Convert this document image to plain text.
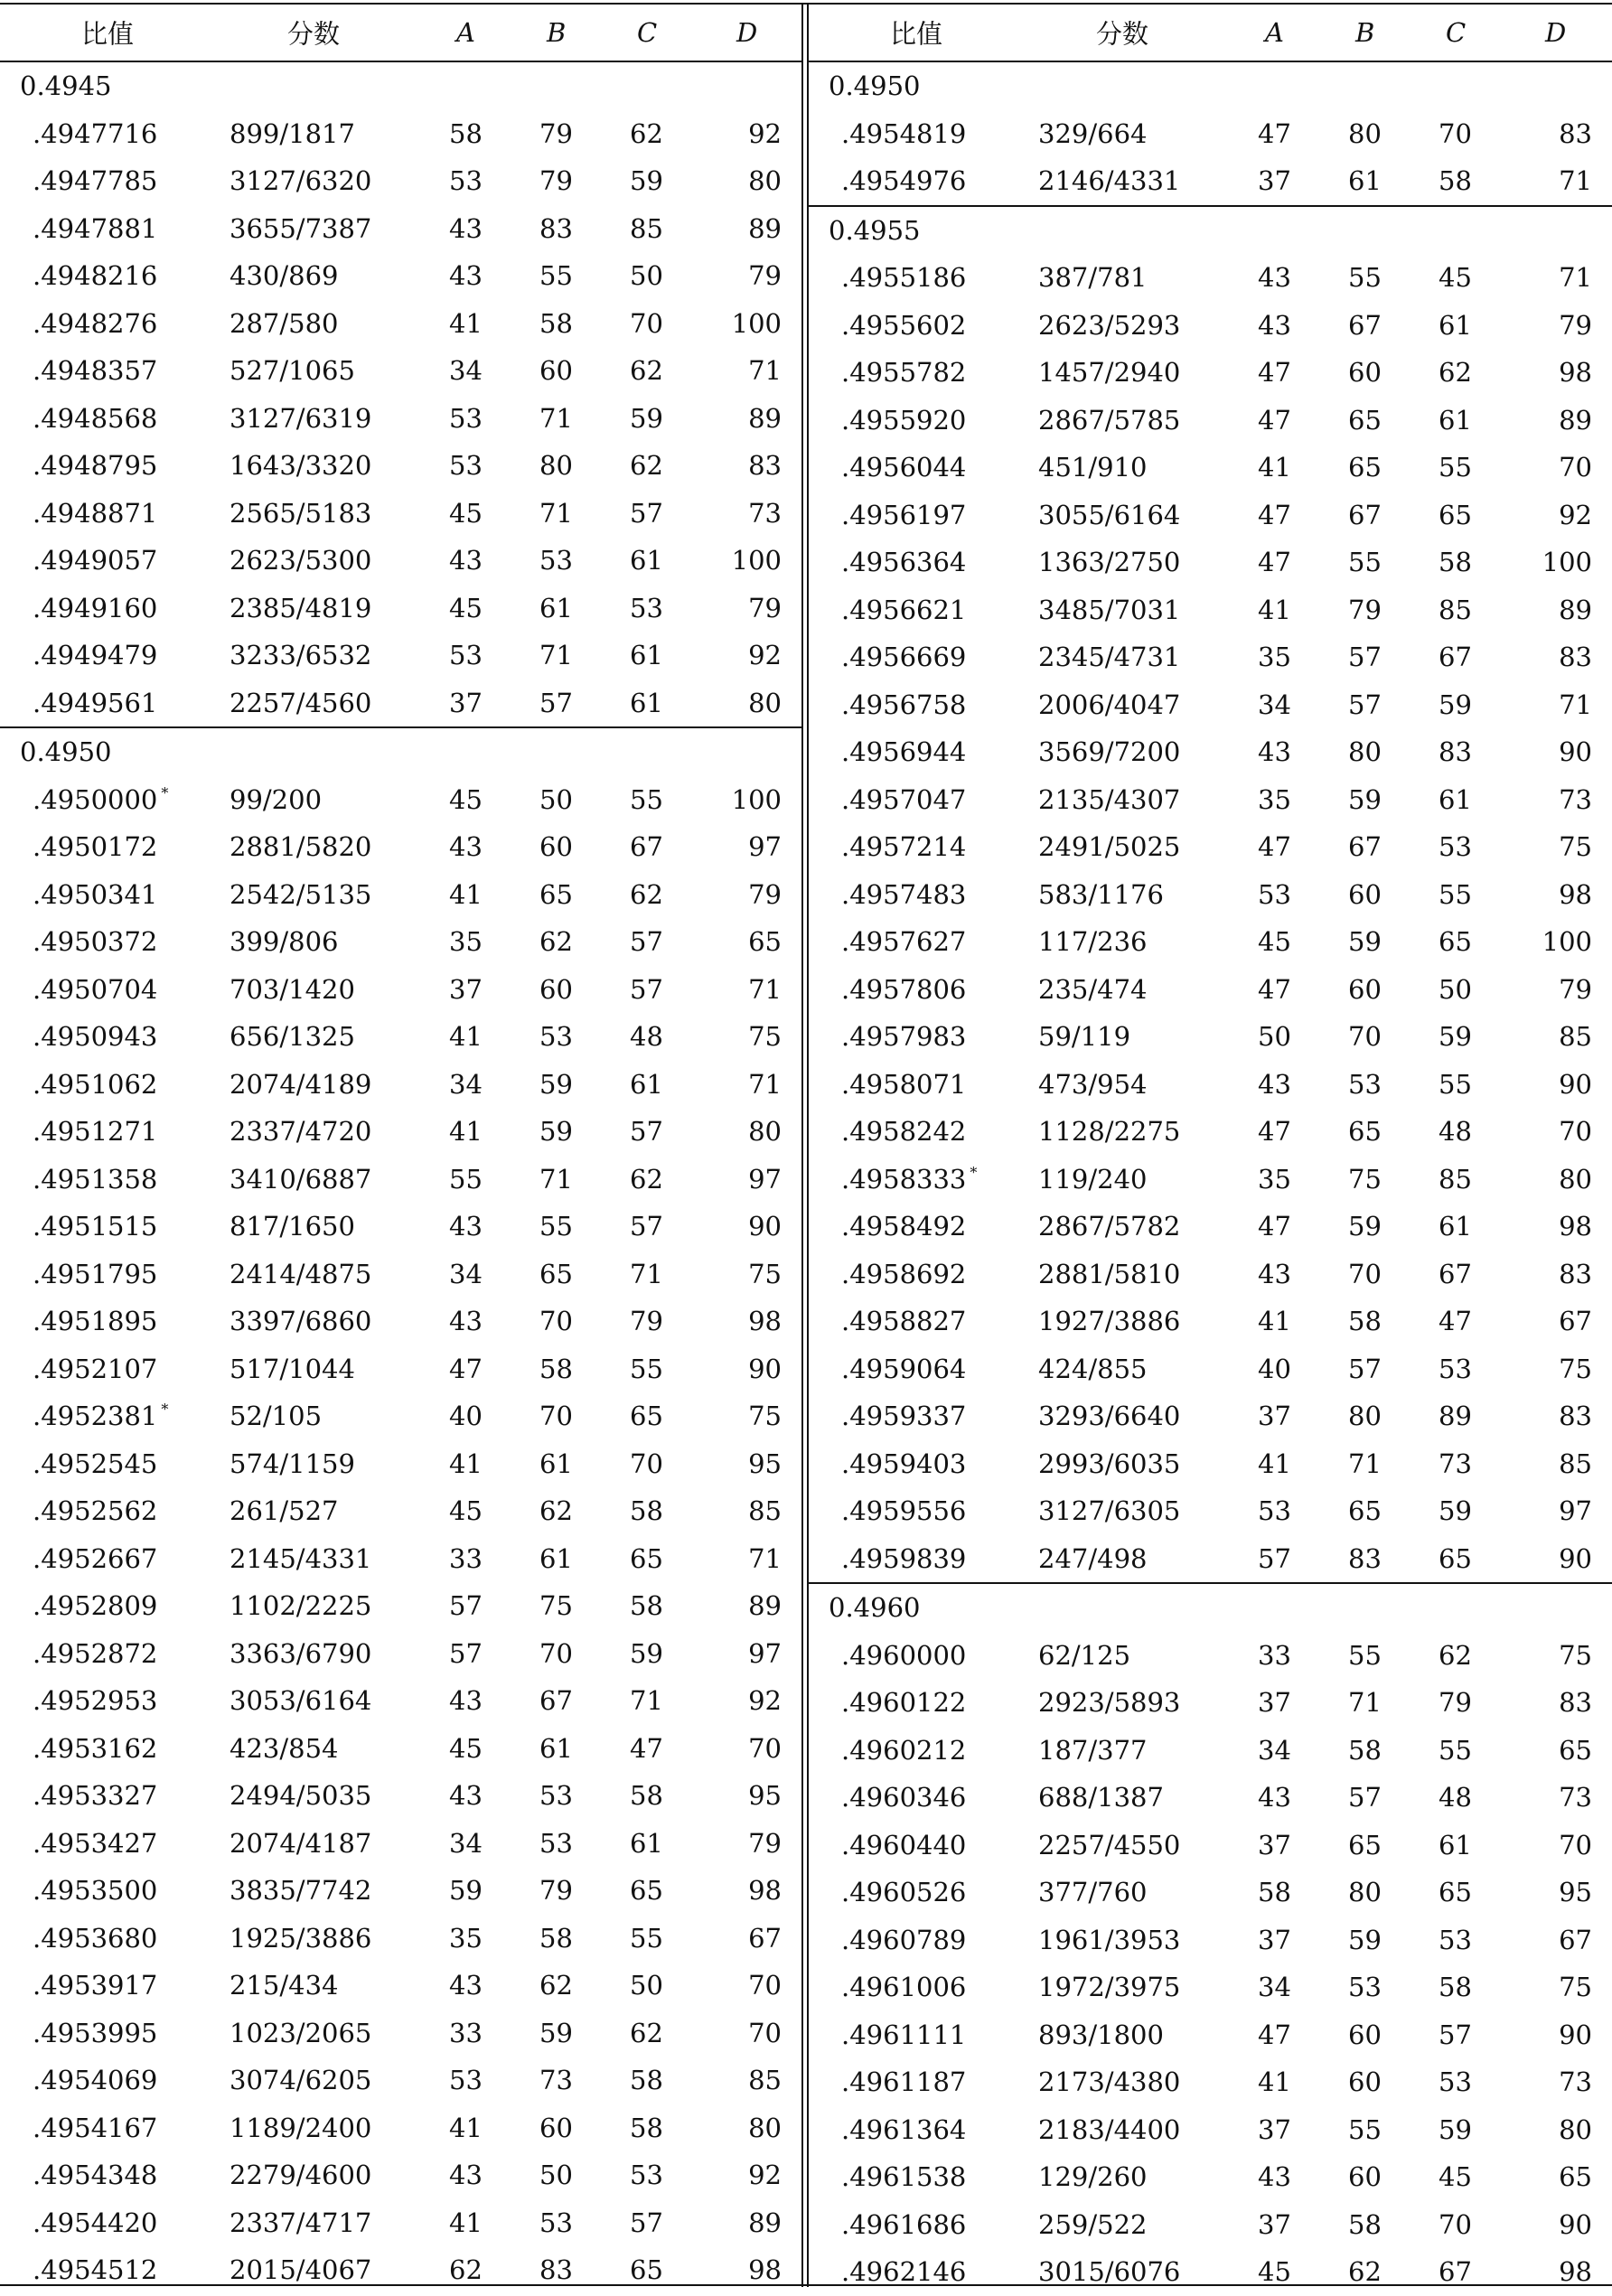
比值	分数	A	B	C	D
0.4945
.4947716	899/1817	58 79 62	92
.4947785	3127/6320	53 79 59	80
.4947881	3655/7387	43 83 85	89
.4948216	430/869	43 55 50	79
.4948276	287/580	41 58 70	100
.4948357	527/1065	34 60 62	71
.4948568	3127/6319	53 71 59	89
.4948795	1643/3320	53 80 62	83
.4948871	2565/5183	45 71 57	73
.4949057	2623/5300	43 53 61	100
.4949160	2385/4819	45 61 53	79
.4949479	3233/6532	53 71 61	92
.4949561	2257/4560	37 57 61	80
0.4950
.4950000 * 99/200	45 50 55	100
.4950172	2881/5820	43 60 67	97
.4950341	2542/5135	41 65 62	79
.4950372	399/806	35 62 57	65
.4950704	703/1420	37 60 57	71
.4950943	656/1325	41 53 48	75
.4951062	2074/4189	34 59 61	71
.4951271	2337/4720	41 59 57	80
.4951358	3410/6887	55 71 62	97
.4951515	817/1650	43 55 57	90
.4951795	2414/4875	34 65 71	75
.4951895	3397/6860	43 70 79	98
.4952107	517/1044	47 58 55	90
.4952381 * 52/105	40 70 65	75
.4952545	574/1159	41 61 70	95
.4952562	261/527	45 62 58	85
.4952667	2145/4331	33 61 65	71
.4952809	1102/2225	57 75 58	89
.4952872	3363/6790	57 70 59	97
.4952953	3053/6164	43 67 71	92
.4953162	423/854	45 61 47	70
.4953327	2494/5035	43 53 58	95
.4953427	2074/4187	34 53 61	79
.4953500	3835/7742	59 79 65	98
.4953680	1925/3886	35 58 55	67
.4953917	215/434	43 62 50	70
.4953995	1023/2065	33 59 62	70
.4954069	3074/6205	53 73 58	85
.4954167	1189/2400	41 60 58	80
.4954348	2279/4600	43 50 53	92
.4954420	2337/4717	41 53 57	89
.4954512	2015/4067	62 83 65	98
比值	分数	A	B	C	D
0.4950
.4954819	329/664	47 80 70	83
.4954976	2146/4331	37 61 58	71
0.4955
.4955186	387/781	43 55 45	71
.4955602	2623/5293	43 67 61	79
.4955782	1457/2940	47 60 62	98
.4955920	2867/5785	47 65 61	89
.4956044	451/910	41 65 55	70
.4956197	3055/6164	47 67 65	92
.4956364	1363/2750	47 55 58	100
.4956621	3485/7031	41 79 85	89
.4956669	2345/4731	35 57 67	83
.4956758	2006/4047	34 57 59	71
.4956944	3569/7200	43 80 83	90
.4957047	2135/4307	35 59 61	73
.4957214	2491/5025	47 67 53	75
.4957483	583/1176	53 60 55	98
.4957627	117/236	45 59 65	100
.4957806	235/474	47 60 50	79
.4957983	59/119	50 70 59	85
.4958071	473/954	43 53 55	90
.4958242	1128/2275	47 65 48	70
.4958333 * 119/240	35 75 85	80
.4958492	2867/5782	47 59 61	98
.4958692	2881/5810	43 70 67	83
.4958827	1927/3886	41 58 47	67
.4959064	424/855	40 57 53	75
.4959337	3293/6640	37 80 89	83
.4959403	2993/6035	41 71 73	85
.4959556	3127/6305	53 65 59	97
.4959839	247/498	57 83 65	90
0.4960
.4960000	62/125	33 55 62	75
.4960122	2923/5893	37 71 79	83
.4960212	187/377	34 58 55	65
.4960346	688/1387	43 57 48	73
.4960440	2257/4550	37 65 61	70
.4960526	377/760	58 80 65	95
.4960789	1961/3953	37 59 53	67
.4961006	1972/3975	34 53 58	75
.4961111	893/1800	47 60 57	90
.4961187	2173/4380	41 60 53	73
.4961364	2183/4400	37 55 59	80
.4961538	129/260	43 60 45	65
.4961686	259/522	37 58 70	90
.4962146	3015/6076	45 62 67	98
